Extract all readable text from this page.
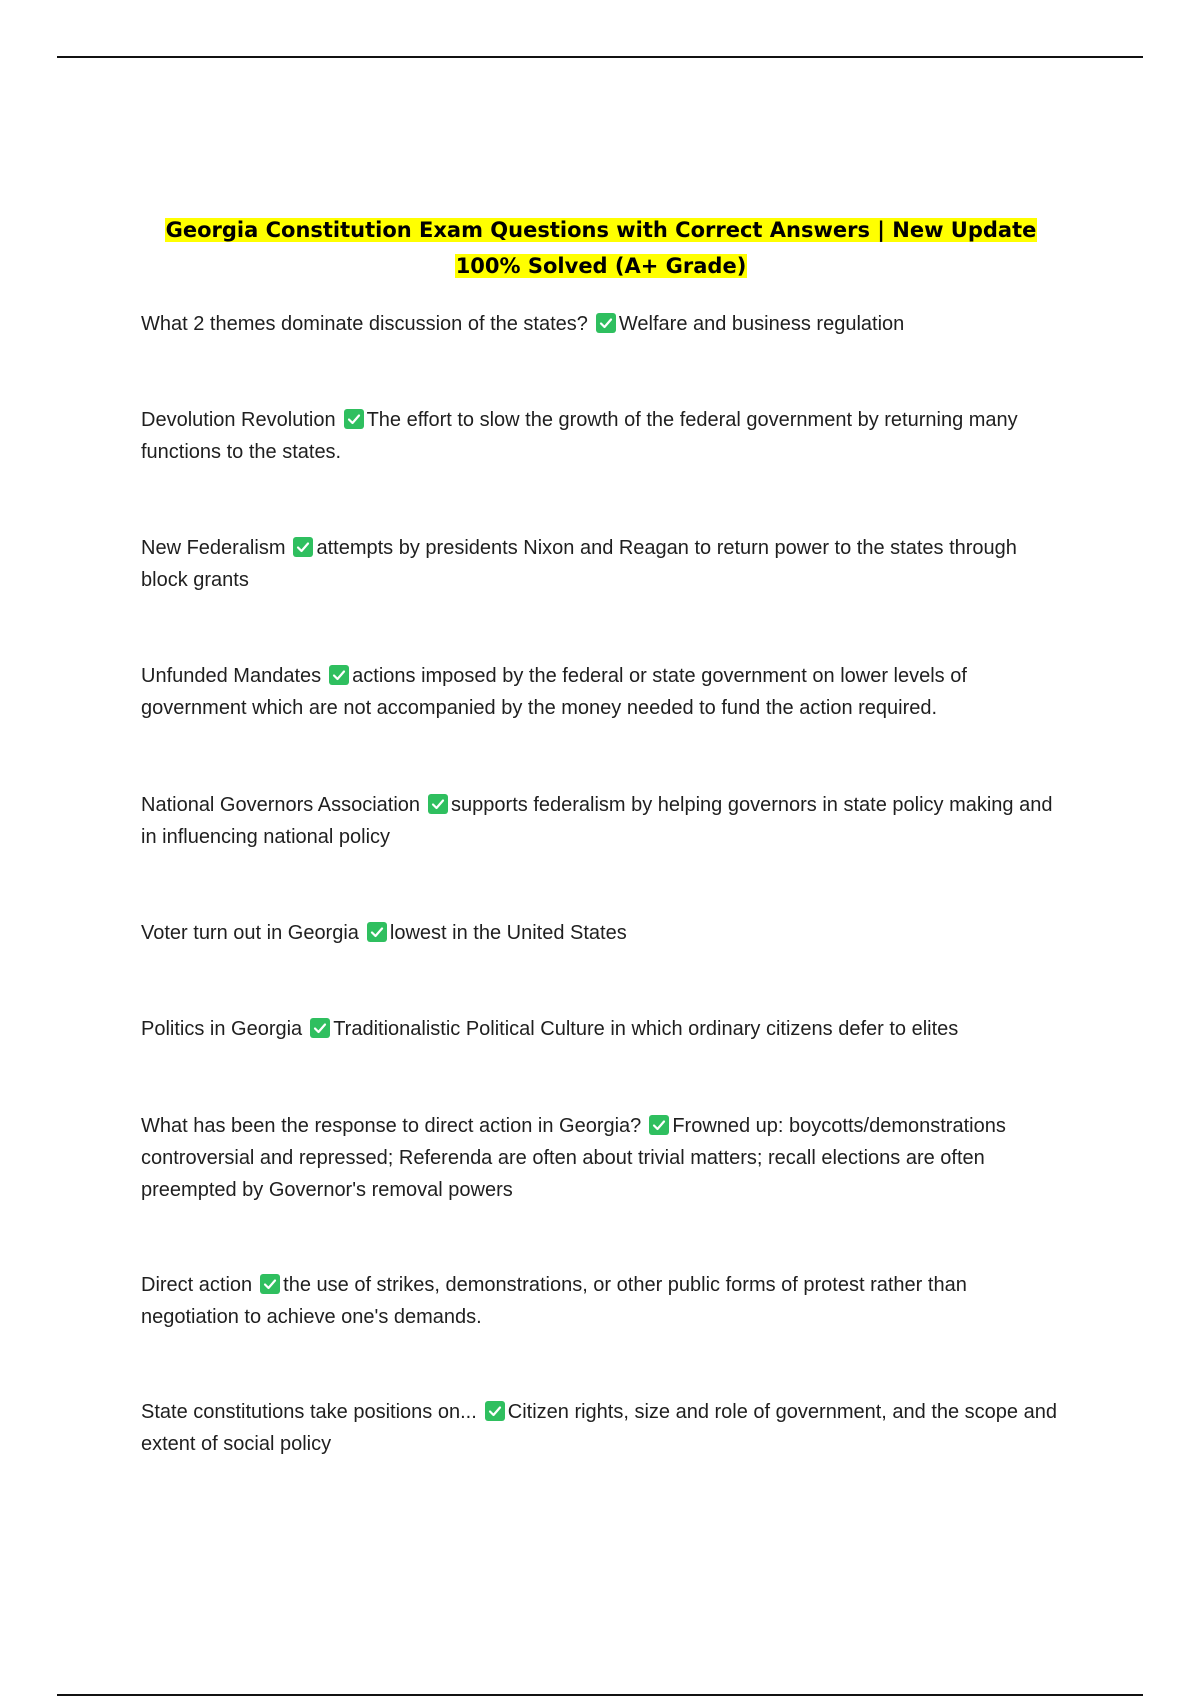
Georgia Constitution Exam Questions with Correct Answers | New Update 100% Solved (A+ Grade)
What 2 themes dominate discussion of the states? Welfare and business regulation
Devolution Revolution The effort to slow the growth of the federal government by returning many functions to the states.
New Federalism attempts by presidents Nixon and Reagan to return power to the states through block grants
Unfunded Mandates actions imposed by the federal or state government on lower levels of government which are not accompanied by the money needed to fund the action required.
National Governors Association supports federalism by helping governors in state policy making and in influencing national policy
Voter turn out in Georgia lowest in the United States
Politics in Georgia Traditionalistic Political Culture in which ordinary citizens defer to elites
What has been the response to direct action in Georgia? Frowned up: boycotts/demonstrations controversial and repressed; Referenda are often about trivial matters; recall elections are often preempted by Governor's removal powers
Direct action the use of strikes, demonstrations, or other public forms of protest rather than negotiation to achieve one's demands.
State constitutions take positions on... Citizen rights, size and role of government, and the scope and extent of social policy
